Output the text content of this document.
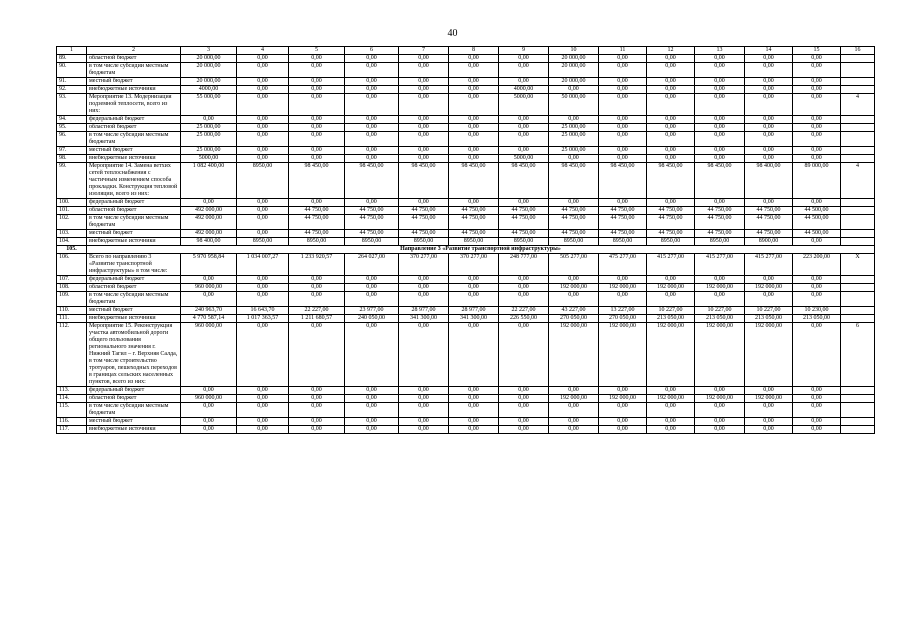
40
1	2	3	4	5	6	7	8	9	10	11	12	13	14	15	16
89.	областной бюджет	20 000,00	0,00	0,00	0,00	0,00	0,00	0,00	20 000,00	0,00	0,00	0,00	0,00	0,00	
90.	в том числе субсидии местным бюджетам	20 000,00	0,00	0,00	0,00	0,00	0,00	0,00	20 000,00	0,00	0,00	0,00	0,00	0,00	
91.	местный бюджет	20 000,00	0,00	0,00	0,00	0,00	0,00	0,00	20 000,00	0,00	0,00	0,00	0,00	0,00	
92.	внебюджетные источники	4000,00	0,00	0,00	0,00	0,00	0,00	4000,00	0,00	0,00	0,00	0,00	0,00	0,00	
93.	Мероприятие 13. Модернизация подземной теплосети, всего из них:	55 000,00	0,00	0,00	0,00	0,00	0,00	5000,00	50 000,00	0,00	0,00	0,00	0,00	0,00	4
94.	федеральный бюджет	0,00	0,00	0,00	0,00	0,00	0,00	0,00	0,00	0,00	0,00	0,00	0,00	0,00	
95.	областной бюджет	25 000,00	0,00	0,00	0,00	0,00	0,00	0,00	25 000,00	0,00	0,00	0,00	0,00	0,00	
96.	в том числе субсидии местным бюджетам	25 000,00	0,00	0,00	0,00	0,00	0,00	0,00	25 000,00	0,00	0,00	0,00	0,00	0,00	
97.	местный бюджет	25 000,00	0,00	0,00	0,00	0,00	0,00	0,00	25 000,00	0,00	0,00	0,00	0,00	0,00	
98.	внебюджетные источники	5000,00	0,00	0,00	0,00	0,00	0,00	5000,00	0,00	0,00	0,00	0,00	0,00	0,00	
99.	Мероприятие 14. Замена ветхих сетей теплоснабжения с частичным изменением способа прокладки. Конструкция тепловой изоляции, всего из них:	1 082 400,00	8950,00	98 450,00	98 450,00	98 450,00	98 450,00	98 450,00	98 450,00	98 450,00	98 450,00	98 450,00	98 400,00	89 000,00	4
100.	федеральный бюджет	0,00	0,00	0,00	0,00	0,00	0,00	0,00	0,00	0,00	0,00	0,00	0,00	0,00	
101.	областной бюджет	492 000,00	0,00	44 750,00	44 750,00	44 750,00	44 750,00	44 750,00	44 750,00	44 750,00	44 750,00	44 750,00	44 750,00	44 500,00	
102.	в том числе субсидии местным бюджетам	492 000,00	0,00	44 750,00	44 750,00	44 750,00	44 750,00	44 750,00	44 750,00	44 750,00	44 750,00	44 750,00	44 750,00	44 500,00	
103.	местный бюджет	492 000,00	0,00	44 750,00	44 750,00	44 750,00	44 750,00	44 750,00	44 750,00	44 750,00	44 750,00	44 750,00	44 750,00	44 500,00	
104.	внебюджетные источники	98 400,00	8950,00	8950,00	8950,00	8950,00	8950,00	8950,00	8950,00	8950,00	8950,00	8950,00	8900,00	0,00	
105.	Направление 3 «Развитие транспортной инфраструктуры»														
106.	Всего по направлению 3 «Развитие транспортной инфраструктуры» в том числе:	5 970 958,84	1 034 007,27	1 233 920,57	264 027,00	370 277,00	370 277,00	248 777,00	505 277,00	475 277,00	415 277,00	415 277,00	415 277,00	223 200,00	X
107.	федеральный бюджет	0,00	0,00	0,00	0,00	0,00	0,00	0,00	0,00	0,00	0,00	0,00	0,00	0,00	
108.	областной бюджет	960 000,00	0,00	0,00	0,00	0,00	0,00	0,00	192 000,00	192 000,00	192 000,00	192 000,00	192 000,00	0,00	
109.	в том числе субсидии местным бюджетам	0,00	0,00	0,00	0,00	0,00	0,00	0,00	0,00	0,00	0,00	0,00	0,00	0,00	
110.	местный бюджет	240 963,70	16 643,70	22 227,00	23 977,00	28 977,00	28 977,00	22 227,00	43 227,00	13 227,00	10 227,00	10 227,00	10 227,00	10 230,00	
111.	внебюджетные источники	4 770 587,14	1 017 363,57	1 211 680,57	240 050,00	341 300,00	341 300,00	226 550,00	270 050,00	270 050,00	213 050,00	213 050,00	213 050,00	213 050,00	
112.	Мероприятие 15. Реконструкция участка автомобильной дороги общего пользования регионального значения г. Нижний Тагил – г. Верхняя Салда, в том числе строительство тротуаров, пешеходных переходов в границах сельских населенных пунктов, всего из них:	960 000,00	0,00	0,00	0,00	0,00	0,00	0,00	192 000,00	192 000,00	192 000,00	192 000,00	192 000,00	0,00	6
113.	федеральный бюджет	0,00	0,00	0,00	0,00	0,00	0,00	0,00	0,00	0,00	0,00	0,00	0,00	0,00	
114.	областной бюджет	960 000,00	0,00	0,00	0,00	0,00	0,00	0,00	192 000,00	192 000,00	192 000,00	192 000,00	192 000,00	0,00	
115.	в том числе субсидии местным бюджетам	0,00	0,00	0,00	0,00	0,00	0,00	0,00	0,00	0,00	0,00	0,00	0,00	0,00	
116.	местный бюджет	0,00	0,00	0,00	0,00	0,00	0,00	0,00	0,00	0,00	0,00	0,00	0,00	0,00	
117.	внебюджетные источники	0,00	0,00	0,00	0,00	0,00	0,00	0,00	0,00	0,00	0,00	0,00	0,00	0,00	
